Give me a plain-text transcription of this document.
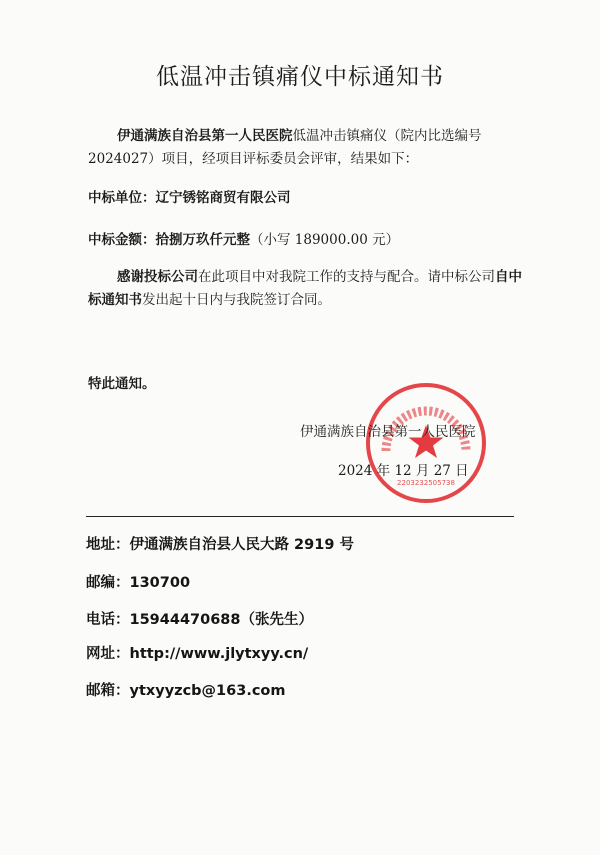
低温冲击镇痛仪中标通知书
伊通满族自治县第一人民医院低温冲击镇痛仪（院内比选编号2024027）项目，经项目评标委员会评审，结果如下：
中标单位：辽宁锈铭商贸有限公司
中标金额：拾捌万玖仟元整（小写 189000.00 元）
感谢投标公司在此项目中对我院工作的支持与配合。请中标公司自中标通知书发出起十日内与我院签订合同。
特此通知。
2203232505738
伊通满族自治县第一人民医院
2024 年 12 月 27 日
地址：伊通满族自治县人民大路 2919 号
邮编：130700
电话：15944470688（张先生）
网址：http://www.jlytxyy.cn/
邮箱：ytxyyzcb@163.com
